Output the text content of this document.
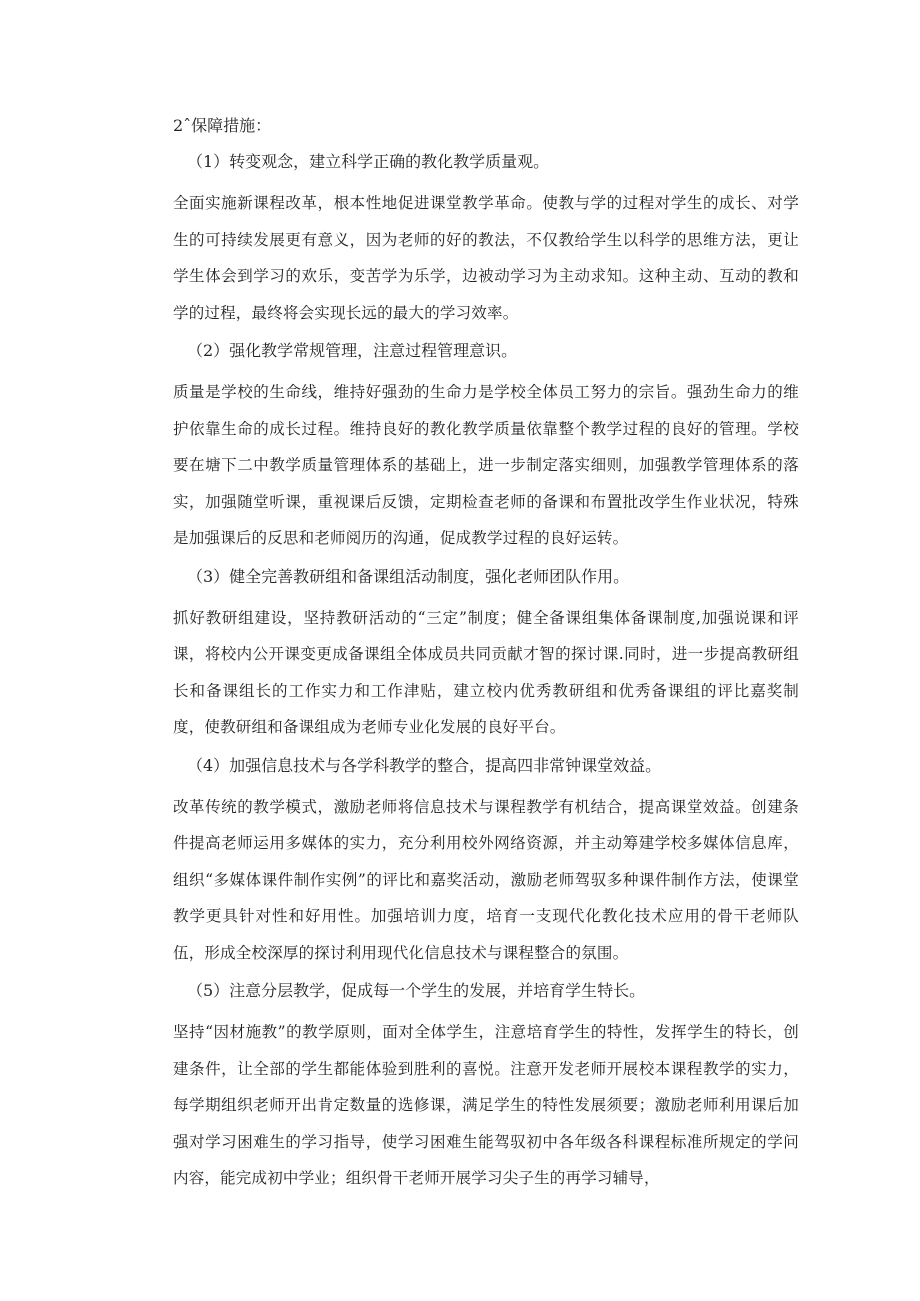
2ˆ保障措施：
（1）转变观念，建立科学正确的教化教学质量观。

全面实施新课程改革，根本性地促进课堂教学革命。使教与学的过程对学生的成长、对学生的可持续发展更有意义，因为老师的好的教法，不仅教给学生以科学的思维方法，更让学生体会到学习的欢乐，变苦学为乐学，边被动学习为主动求知。这种主动、互动的教和学的过程，最终将会实现长远的最大的学习效率。

（2）强化教学常规管理，注意过程管理意识。

质量是学校的生命线，维持好强劲的生命力是学校全体员工努力的宗旨。强劲生命力的维护依靠生命的成长过程。维持良好的教化教学质量依靠整个教学过程的良好的管理。学校要在塘下二中教学质量管理体系的基础上，进一步制定落实细则，加强教学管理体系的落实，加强随堂听课，重视课后反馈，定期检查老师的备课和布置批改学生作业状况，特殊是加强课后的反思和老师阅历的沟通，促成教学过程的良好运转。

（3）健全完善教研组和备课组活动制度，强化老师团队作用。

抓好教研组建设，坚持教研活动的“三定”制度；健全备课组集体备课制度,加强说课和评课，将校内公开课变更成备课组全体成员共同贡献才智的探讨课.同时，进一步提高教研组长和备课组长的工作实力和工作津贴，建立校内优秀教研组和优秀备课组的评比嘉奖制度，使教研组和备课组成为老师专业化发展的良好平台。

（4）加强信息技术与各学科教学的整合，提高四非常钟课堂效益。

改革传统的教学模式，激励老师将信息技术与课程教学有机结合，提高课堂效益。创建条件提高老师运用多媒体的实力，充分利用校外网络资源，并主动筹建学校多媒体信息库，组织“多媒体课件制作实例”的评比和嘉奖活动，激励老师驾驭多种课件制作方法，使课堂教学更具针对性和好用性。加强培训力度，培育一支现代化教化技术应用的骨干老师队伍，形成全校深厚的探讨利用现代化信息技术与课程整合的氛围。

（5）注意分层教学，促成每一个学生的发展，并培育学生特长。

坚持“因材施教”的教学原则，面对全体学生，注意培育学生的特性，发挥学生的特长，创建条件，让全部的学生都能体验到胜利的喜悦。注意开发老师开展校本课程教学的实力，每学期组织老师开出肯定数量的选修课，满足学生的特性发展须要；激励老师利用课后加强对学习困难生的学习指导，使学习困难生能驾驭初中各年级各科课程标准所规定的学问内容，能完成初中学业；组织骨干老师开展学习尖子生的再学习辅导，
